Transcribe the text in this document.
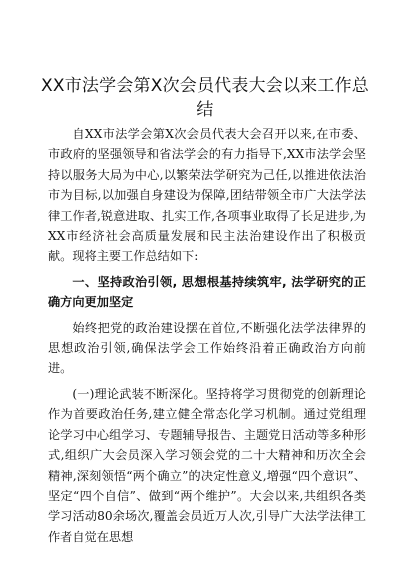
XX市法学会第X次会员代表大会以来工作总结

自XX市法学会第X次会员代表大会召开以来,在市委、市政府的坚强领导和省法学会的有力指导下,XX市法学会坚持以服务大局为中心,以繁荣法学研究为己任,以推进依法治市为目标,以加强自身建设为保障,团结带领全市广大法学法律工作者,锐意进取、扎实工作,各项事业取得了长足进步,为XX市经济社会高质量发展和民主法治建设作出了积极贡献。现将主要工作总结如下:

一、坚持政治引领, 思想根基持续筑牢, 法学研究的正确方向更加坚定

始终把党的政治建设摆在首位,不断强化法学法律界的思想政治引领,确保法学会工作始终沿着正确政治方向前进。

(一)理论武装不断深化。坚持将学习贯彻党的创新理论作为首要政治任务,建立健全常态化学习机制。通过党组理论学习中心组学习、专题辅导报告、主题党日活动等多种形式,组织广大会员深入学习领会党的二十大精神和历次全会精神,深刻领悟“两个确立”的决定性意义,增强“四个意识”、坚定“四个自信”、做到“两个维护”。大会以来,共组织各类学习活动80余场次,覆盖会员近万人次,引导广大法学法律工作者自觉在思想
